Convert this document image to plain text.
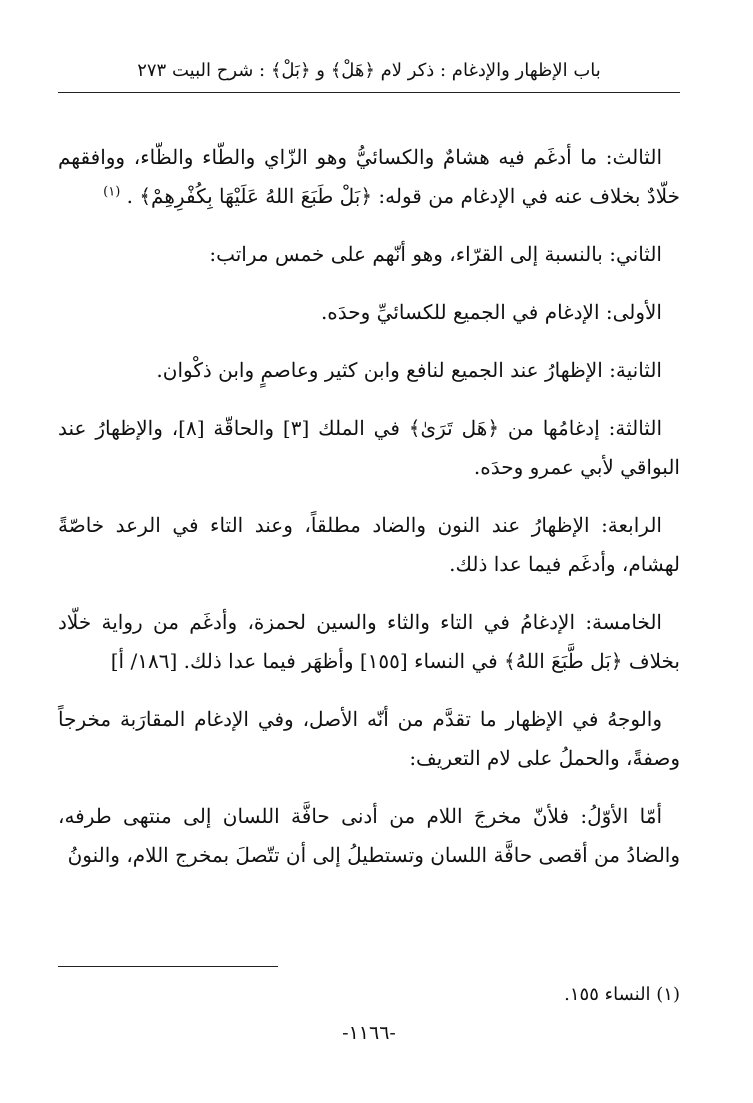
باب الإظهار والإدغام : ذكر لام ﴿هَلْ﴾ و ﴿بَلْ﴾ : شرح البيت ٢٧٣

الثالث: ما أدغَم فيه هشامٌ والكسائيُّ وهو الزّاي والطّاء والظّاء، ووافقهم خلّادٌ بخلاف عنه في الإدغام من قوله: ﴿بَلْ طَبَعَ اللهُ عَلَيْهَا بِكُفْرِهِمْ﴾ . $^{(١)}$

الثاني: بالنسبة إلى القرّاء، وهو أنّهم على خمس مراتب:

الأولى: الإدغام في الجميع للكسائيِّ وحدَه.

الثانية: الإظهارُ عند الجميع لنافع وابن كثير وعاصمٍ وابن ذكْوان.

الثالثة: إدغامُها من ﴿هَل تَرَىٰ﴾ في الملك [٣] والحاقّة [٨]، والإظهارُ عند البواقي لأبي عمرو وحدَه.

الرابعة: الإظهارُ عند النون والضاد مطلقاً، وعند التاء في الرعد خاصّةً لهشام، وأدغَم فيما عدا ذلك.

الخامسة: الإدغامُ في التاء والثاء والسين لحمزة، وأدغَم من رواية خلّاد بخلاف ﴿بَل طَّبَعَ اللهُ﴾ في النساء [١٥٥] وأظهَر فيما عدا ذلك. [١٨٦/ أ]

والوجهُ في الإظهار ما تقدَّم من أنّه الأصل، وفي الإدغام المقارَبة مخرجاً وصفةً، والحملُ على لام التعريف:

أمّا الأوّلُ: فلأنّ مخرجَ اللام من أدنى حافَّة اللسان إلى منتهى طرفه، والضادُ من أقصى حافَّة اللسان وتستطيلُ إلى أن تتّصلَ بمخرج اللام، والنونُ

(١) النساء ١٥٥.
-١١٦٦-
